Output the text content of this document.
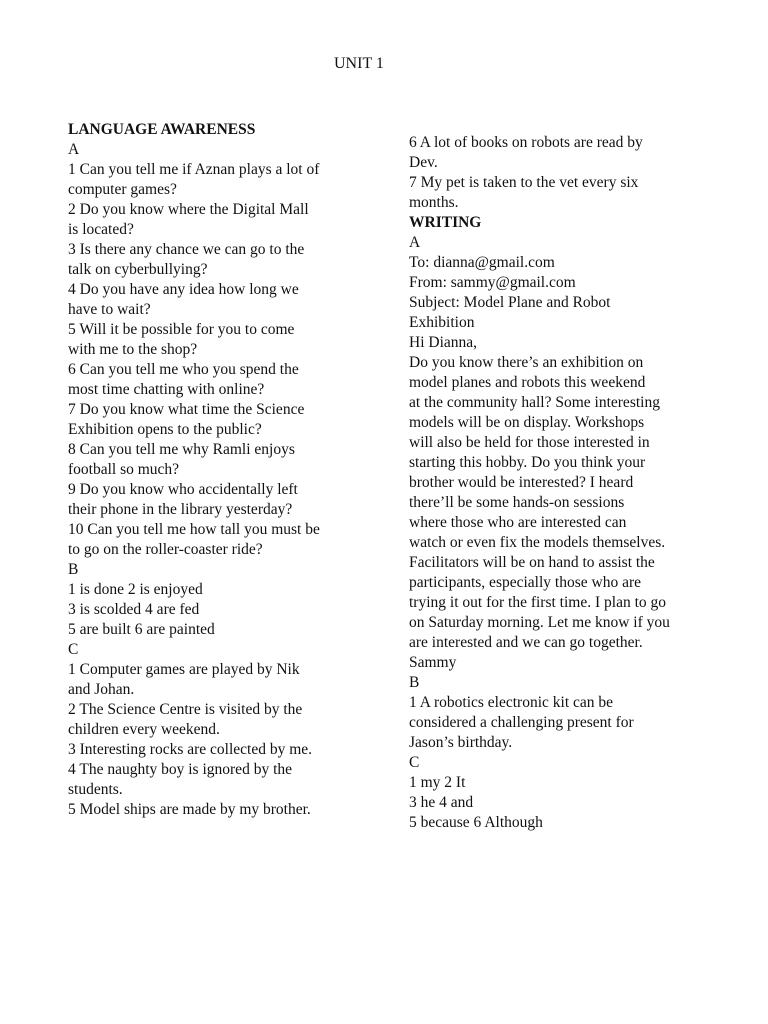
UNIT 1
LANGUAGE AWARENESS
A
1 Can you tell me if Aznan plays a lot of
computer games?
2 Do you know where the Digital Mall
is located?
3 Is there any chance we can go to the
talk on cyberbullying?
4 Do you have any idea how long we
have to wait?
5 Will it be possible for you to come
with me to the shop?
6 Can you tell me who you spend the
most time chatting with online?
7 Do you know what time the Science
Exhibition opens to the public?
8 Can you tell me why Ramli enjoys
football so much?
9 Do you know who accidentally left
their phone in the library yesterday?
10 Can you tell me how tall you must be
to go on the roller-coaster ride?
B
1 is done 2 is enjoyed
3 is scolded 4 are fed
5 are built 6 are painted
C
1 Computer games are played by Nik
and Johan.
2 The Science Centre is visited by the
children every weekend.
3 Interesting rocks are collected by me.
4 The naughty boy is ignored by the
students.
5 Model ships are made by my brother.
6 A lot of books on robots are read by
Dev.
7 My pet is taken to the vet every six
months.
WRITING
A
To: dianna@gmail.com
From: sammy@gmail.com
Subject: Model Plane and Robot
Exhibition
Hi Dianna,
Do you know there’s an exhibition on
model planes and robots this weekend
at the community hall? Some interesting
models will be on display. Workshops
will also be held for those interested in
starting this hobby. Do you think your
brother would be interested? I heard
there’ll be some hands-on sessions
where those who are interested can
watch or even fix the models themselves.
Facilitators will be on hand to assist the
participants, especially those who are
trying it out for the first time. I plan to go
on Saturday morning. Let me know if you
are interested and we can go together.
Sammy
B
1 A robotics electronic kit can be
considered a challenging present for
Jason’s birthday.
C
1 my 2 It
3 he 4 and
5 because 6 Although
